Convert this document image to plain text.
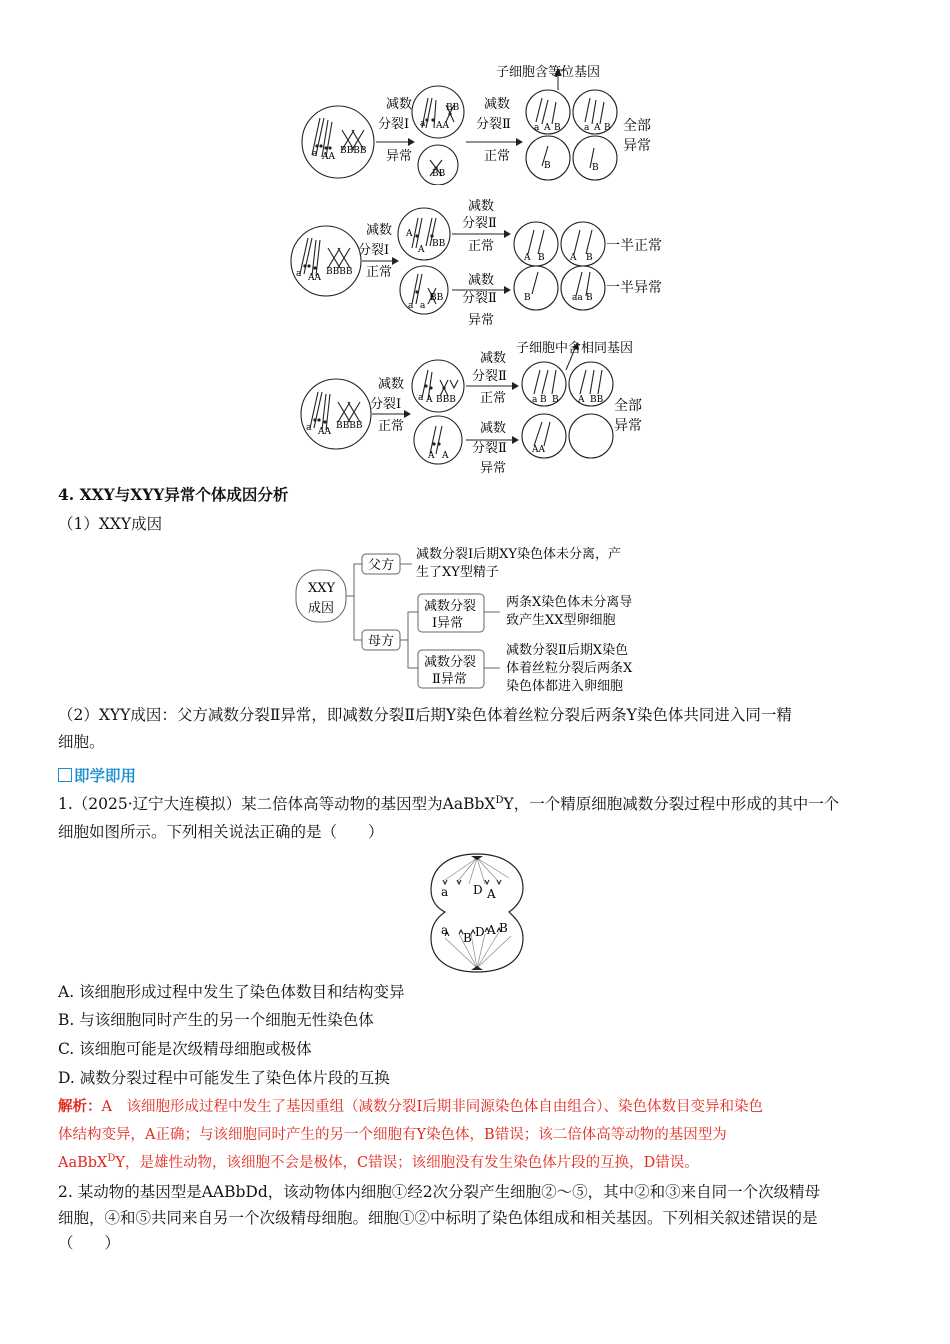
子细胞含等位基因
减数
分裂Ⅰ
异常
减数
分裂Ⅱ
正常
全部
异常
a AA
BBBB
a AA
BB
BB
a A B	a A B
B	B
减数
分裂Ⅰ
正常
减数
分裂Ⅱ
正常
减数
分裂Ⅱ
异常
一半正常
一半异常
a AA
BBBB
A
A
BB
a a
BB
A B	A B
B	aa B
子细胞中含相同基因
减数
分裂Ⅰ
正常
减数
分裂Ⅱ
正常
减数
分裂Ⅱ
异常
全部
异常
a AA
BBBB
a A BBB
A A
a B B A BB
AA
4. XXY与XYY异常个体成因分析
（1）XXY成因
XXY
成因
父方
母方
减数分裂Ⅰ后期XY染色体未分离，产
生了XY型精子
减数分裂
Ⅰ异常
两条X染色体未分离导
致产生XX型卵细胞
减数分裂
Ⅱ异常
减数分裂Ⅱ后期X染色
体着丝粒分裂后两条X
染色体都进入卵细胞
（2）XYY成因：父方减数分裂Ⅱ异常，即减数分裂Ⅱ后期Y染色体着丝粒分裂后两条Y染色体共同进入同一精
细胞。
即学即用
1.（2025·辽宁大连模拟）某二倍体高等动物的基因型为AaBbX$^D$Y，一个精原细胞减数分裂过程中形成的其中一个
细胞如图所示。下列相关说法正确的是（　　）
a D A
a
B D A B
A. 该细胞形成过程中发生了染色体数目和结构变异
B. 与该细胞同时产生的另一个细胞无性染色体
C. 该细胞可能是次级精母细胞或极体
D. 减数分裂过程中可能发生了染色体片段的互换
解析：A　该细胞形成过程中发生了基因重组（减数分裂Ⅰ后期非同源染色体自由组合）、染色体数目变异和染色
体结构变异，A正确；与该细胞同时产生的另一个细胞有Y染色体，B错误；该二倍体高等动物的基因型为
AaBbX$^D$Y，是雄性动物，该细胞不会是极体，C错误；该细胞没有发生染色体片段的互换，D错误。
2. 某动物的基因型是AABbDd，该动物体内细胞①经2次分裂产生细胞②～⑤，其中②和③来自同一个次级精母
细胞，④和⑤共同来自另一个次级精母细胞。细胞①②中标明了染色体组成和相关基因。下列相关叙述错误的是
（　　）
